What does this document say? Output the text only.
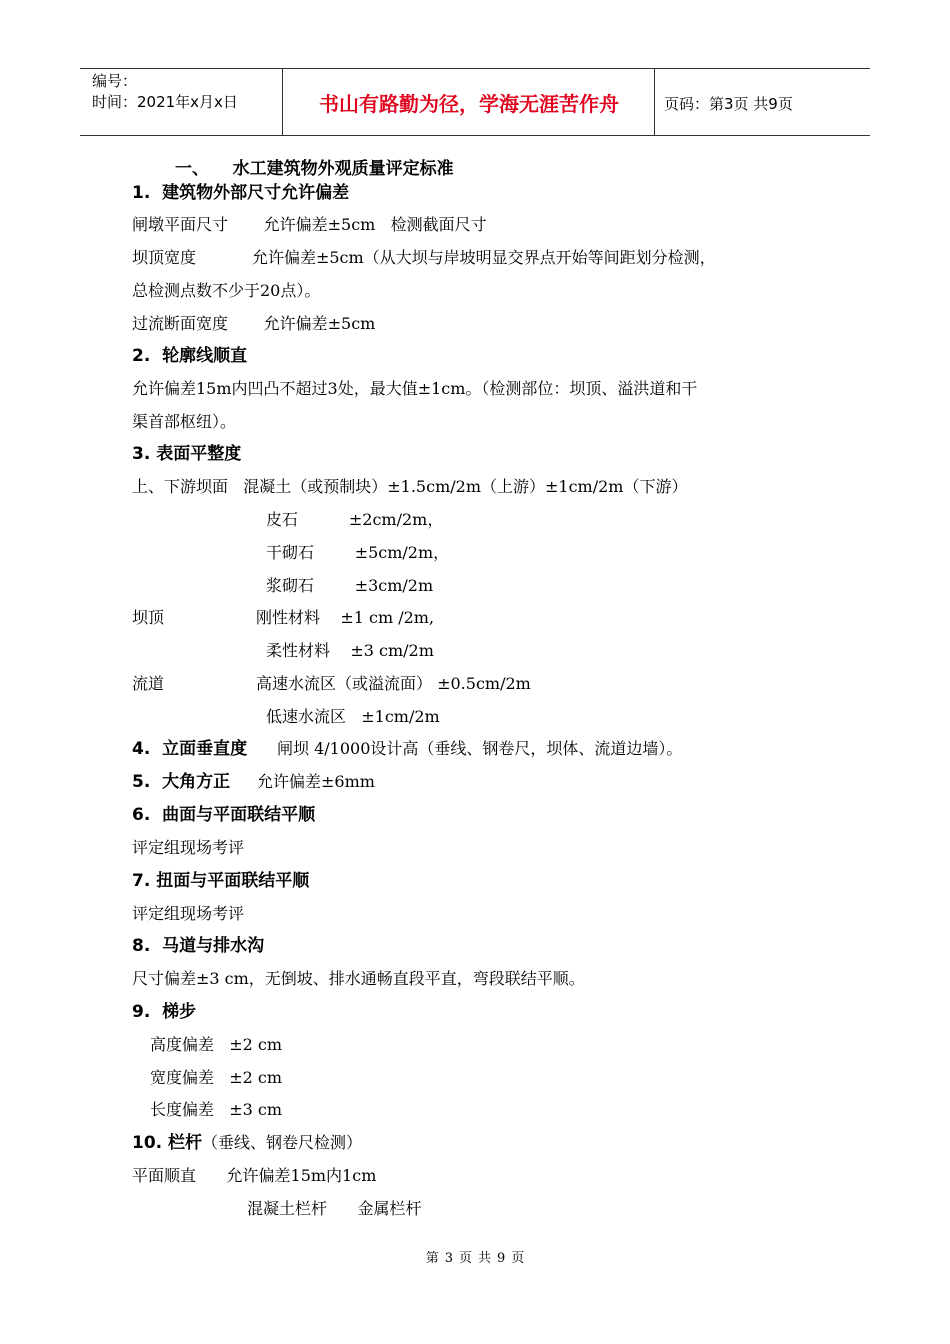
编号：
时间：2021年x月x日	书山有路勤为径，学海无涯苦作舟	页码：第3页 共9页
一、    水工建筑物外观质量评定标准
1.  建筑物外部尺寸允许偏差
闸墩平面尺寸       允许偏差±5cm   检测截面尺寸
坝顶宽度           允许偏差±5cm（从大坝与岸坡明显交界点开始等间距划分检测，
总检测点数不少于20点）。
过流断面宽度       允许偏差±5cm
2.  轮廓线顺直
允许偏差15m内凹凸不超过3处，最大值±1cm。（检测部位：坝顶、溢洪道和干
渠首部枢纽）。
3. 表面平整度
上、下游坝面   混凝土（或预制块）±1.5cm/2m（上游）±1cm/2m（下游）
皮石          ±2cm/2m，
干砌石        ±5cm/2m，
浆砌石        ±3cm/2m
坝顶	刚性材料    ±1 cm /2m,
柔性材料    ±3 cm/2m
流道	高速水流区（或溢流面） ±0.5cm/2m
低速水流区   ±1cm/2m
4.  立面垂直度 闸坝 4/1000设计高（垂线、钢卷尺，坝体、流道边墙）。
5.  大角方正 允许偏差±6mm
6.  曲面与平面联结平顺
评定组现场考评
7. 扭面与平面联结平顺
评定组现场考评
8.  马道与排水沟
尺寸偏差±3 cm，无倒坡、排水通畅直段平直，弯段联结平顺。
9.  梯步
高度偏差   ±2 cm
宽度偏差   ±2 cm
长度偏差   ±3 cm
10. 栏杆（垂线、钢卷尺检测）
平面顺直      允许偏差15m内1cm
混凝土栏杆      金属栏杆
第 3 页 共 9 页
